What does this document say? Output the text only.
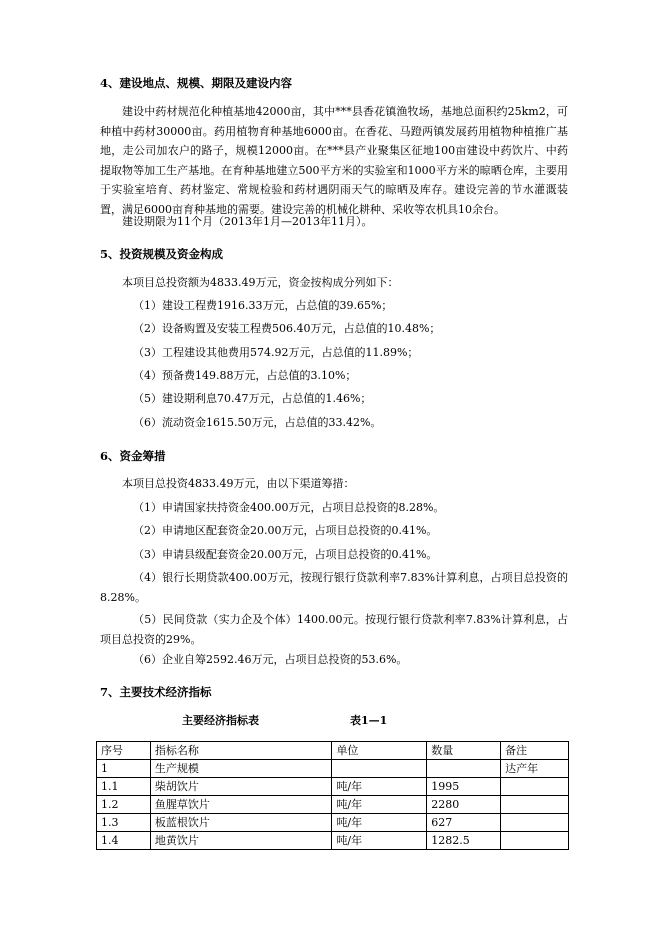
4、建设地点、规模、期限及建设内容
建设中药材规范化种植基地42000亩，其中***县香花镇渔牧场，基地总面积约25km2，可种植中药材30000亩。药用植物育种基地6000亩。在香花、马蹬两镇发展药用植物种植推广基地，走公司加农户的路子，规模12000亩。在***县产业聚集区征地100亩建设中药饮片、中药提取物等加工生产基地。在育种基地建立500平方米的实验室和1000平方米的晾晒仓库，主要用于实验室培育、药材鉴定、常规检验和药材遇阴雨天气的晾晒及库存。建设完善的节水灌溉装置，满足6000亩育种基地的需要。建设完善的机械化耕种、采收等农机具10余台。
建设期限为11个月（2013年1月—2013年11月）。
5、投资规模及资金构成
本项目总投资额为4833.49万元，资金按构成分列如下：
（1）建设工程费1916.33万元，占总值的39.65%；
（2）设备购置及安装工程费506.40万元，占总值的10.48%；
（3）工程建设其他费用574.92万元，占总值的11.89%；
（4）预备费149.88万元，占总值的3.10%；
（5）建设期利息70.47万元，占总值的1.46%；
（6）流动资金1615.50万元，占总值的33.42%。
6、资金筹措
本项目总投资4833.49万元，由以下渠道筹措：
（1）申请国家扶持资金400.00万元，占项目总投资的8.28%。
（2）申请地区配套资金20.00万元，占项目总投资的0.41%。
（3）申请县级配套资金20.00万元，占项目总投资的0.41%。
（4）银行长期贷款400.00万元，按现行银行贷款利率7.83%计算利息，占项目总投资的8.28%。
（5）民间贷款（实力企及个体）1400.00元。按现行银行贷款利率7.83%计算利息，占项目总投资的29%。
（6）企业自筹2592.46万元，占项目总投资的53.6%。
7、主要技术经济指标
主要经济指标表	表1—1
序号	指标名称	单位	数量	备注
1	生产规模			达产年
1.1	柴胡饮片	吨/年	1995	
1.2	鱼腥草饮片	吨/年	2280	
1.3	板蓝根饮片	吨/年	627	
1.4	地黄饮片	吨/年	1282.5	
